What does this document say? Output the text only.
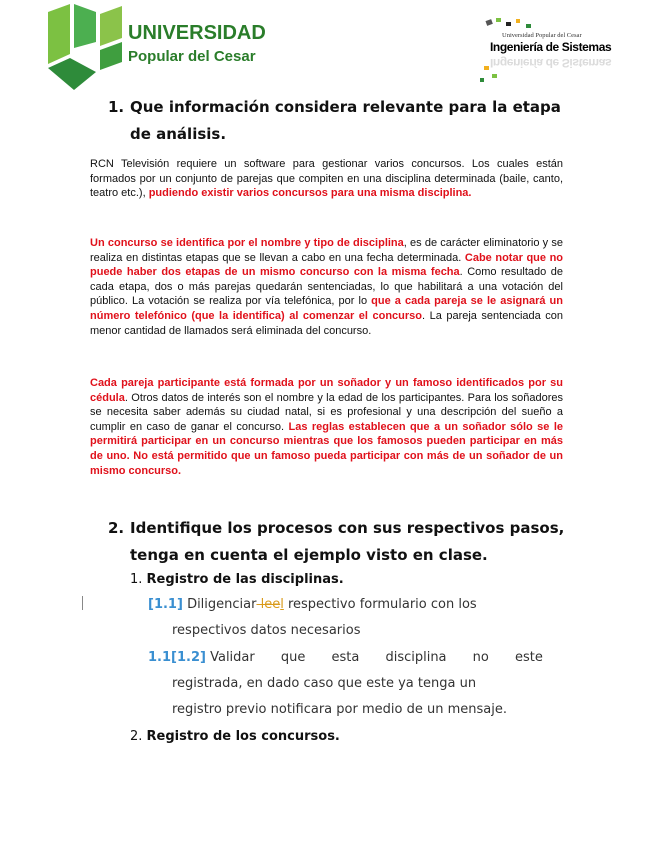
UNIVERSIDAD
Popular del Cesar
Universidad Popular del Cesar
Ingeniería de Sistemas
Ingeniería de Sistemas
1. Que información considera relevante para la etapa
de análisis.
RCN Televisión requiere un software para gestionar varios concursos. Los cuales están formados por un conjunto de parejas que compiten en una disciplina determinada (baile, canto, teatro etc.), pudiendo existir varios concursos para una misma disciplina.
Un concurso se identifica por el nombre y tipo de disciplina, es de carácter eliminatorio y se realiza en distintas etapas que se llevan a cabo en una fecha determinada. Cabe notar que no puede haber dos etapas de un mismo concurso con la misma fecha. Como resultado de cada etapa, dos o más parejas quedarán sentenciadas, lo que habilitará a una votación del público. La votación se realiza por vía telefónica, por lo que a cada pareja se le asignará un número telefónico (que la identifica) al comenzar el concurso. La pareja sentenciada con menor cantidad de llamados será eliminada del concurso.
Cada pareja participante está formada por un soñador y un famoso identificados por su cédula. Otros datos de interés son el nombre y la edad de los participantes. Para los soñadores se necesita saber además su ciudad natal, si es profesional y una descripción del sueño a cumplir en caso de ganar el concurso. Las reglas establecen que a un soñador sólo se le permitirá participar en un concurso mientras que los famosos pueden participar en más de uno. No está permitido que un famoso pueda participar con más de un soñador de un mismo concurso.
2. Identifique los procesos con sus respectivos pasos,
tenga en cuenta el ejemplo visto en clase.
1. Registro de las disciplinas.
[1.1] Diligenciar leel respectivo formulario con los
respectivos datos necesarios
1.1[1.2] Validar que esta disciplina no este
registrada, en dado caso que este ya tenga un
registro previo notificara por medio de un mensaje.
2. Registro de los concursos.
